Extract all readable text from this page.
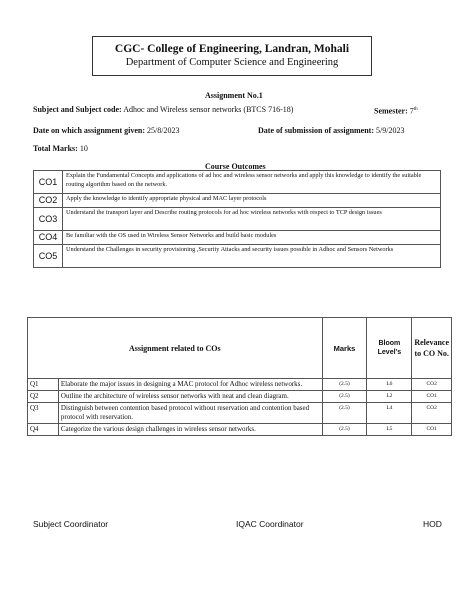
CGC- College of Engineering, Landran, Mohali
Department of Computer Science and Engineering
Assignment No.1
Subject and Subject code: Adhoc and Wireless sensor networks (BTCS 716-18)	Semester: 7th
Date on which assignment given: 25/8/2023	Date of submission of assignment: 5/9/2023
Total Marks: 10
Course Outcomes
CO1	Explain the Fundamental Concepts and applications of ad hoc and wireless sensor networks and apply this knowledge to identify the suitable routing algorithm based on the network.
CO2	Apply the knowledge to identify appropriate physical and MAC layer protocols
CO3	Understand the transport layer and Describe routing protocols for ad hoc wireless networks with respect to TCP design issues
CO4	Be familiar with the OS used in Wireless Sensor Networks and build basic modules
CO5	Understand the Challenges in security provisioning ,Security Attacks and security issues possible in Adhoc and Sensors Networks
Assignment related to COs		Marks	Bloom Level's	Relevance to CO No.
Q1	Elaborate the major issues in designing a MAC protocol for Adhoc wireless networks.	(2.5)	L6	CO2
Q2	Outline the architecture of wireless sensor networks with neat and clean diagram.	(2.5)	L2	CO1
Q3	Distinguish between contention based protocol without reservation and contention based protocol with reservation.	(2.5)	L4	CO2
Q4	Categorize the various design challenges in wireless sensor networks.	(2.5)	L5	CO1
Subject Coordinator	IQAC Coordinator	HOD
